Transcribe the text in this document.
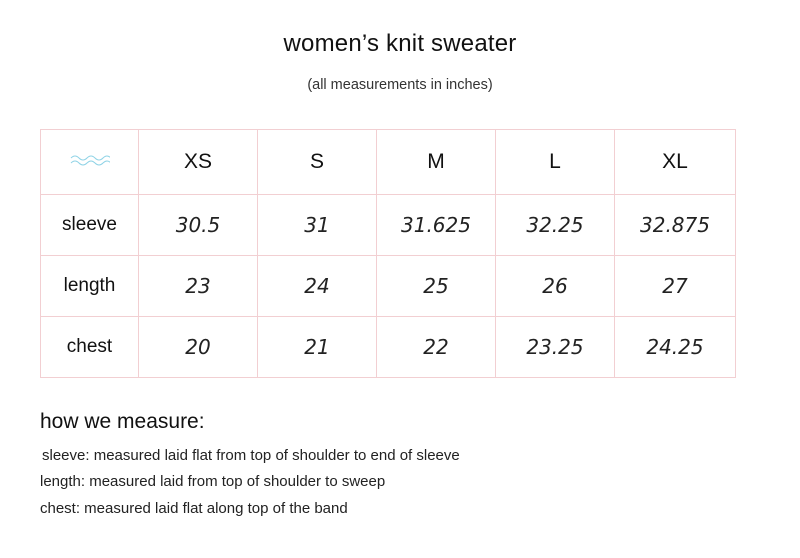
women’s knit sweater
(all measurements in inches)
	XS	S	M	L	XL
sleeve	30.5	31	31.625	32.25	32.875
length	23	24	25	26	27
chest	20	21	22	23.25	24.25
how we measure:
sleeve: measured laid flat from top of shoulder to end of sleeve
length: measured laid from top of shoulder to sweep
chest: measured laid flat along top of the band
